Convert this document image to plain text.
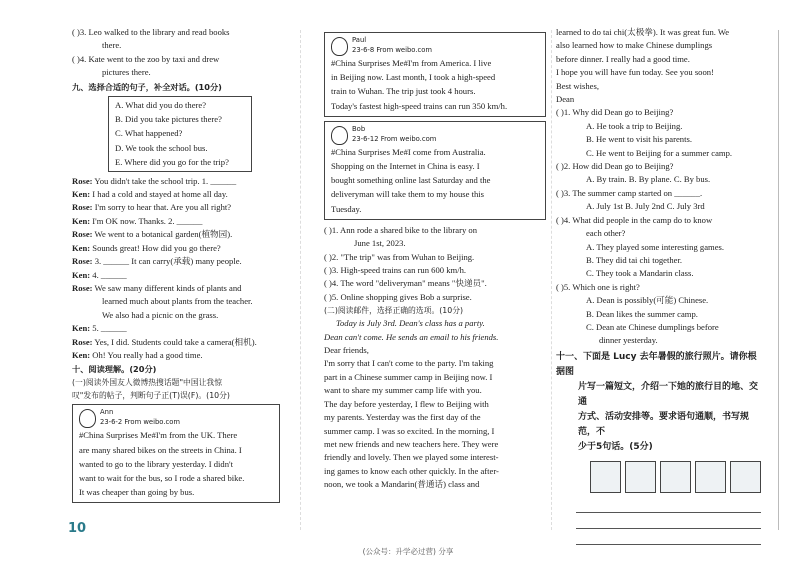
( )3. Leo walked to the library and read books
there.
( )4. Kate went to the zoo by taxi and drew
pictures there.
九、选择合适的句子，补全对话。(10分)
A. What did you do there?
B. Did you take pictures there?
C. What happened?
D. We took the school bus.
E. Where did you go for the trip?
Rose: You didn't take the school trip. 1. ______
Ken: I had a cold and stayed at home all day.
Rose: I'm sorry to hear that. Are you all right?
Ken: I'm OK now. Thanks. 2. ______
Rose: We went to a botanical garden(植物园).
Ken: Sounds great! How did you go there?
Rose: 3. ______ It can carry(承载) many people.
Ken: 4. ______
Rose: We saw many different kinds of plants and
learned much about plants from the teacher.
We also had a picnic on the grass.
Ken: 5. ______
Rose: Yes, I did. Students could take a camera(相机).
Ken: Oh! You really had a good time.
十、阅读理解。(20分)
(一)阅读外国友人微博热搜话题"中国让我惊
叹"发布的帖子，判断句子正(T)误(F)。(10分)
Ann
23-6-2 From weibo.com
#China Surprises Me#I'm from the UK. There
are many shared bikes on the streets in China. I
wanted to go to the library yesterday. I didn't
want to wait for the bus, so I rode a shared bike.
It was cheaper than going by bus.
Paul
23-6-8 From weibo.com
#China Surprises Me#I'm from America. I live
in Beijing now. Last month, I took a high-speed
train to Wuhan. The trip just took 4 hours.
Today's fastest high-speed trains can run 350 km/h.
Bob
23-6-12 From weibo.com
#China Surprises Me#I come from Australia.
Shopping on the Internet in China is easy. I
bought something online last Saturday and the
deliveryman will take them to my house this
Tuesday.
( )1. Ann rode a shared bike to the library on
June 1st, 2023.
( )2. "The trip" was from Wuhan to Beijing.
( )3. High-speed trains can run 600 km/h.
( )4. The word "deliveryman" means "快递员".
( )5. Online shopping gives Bob a surprise.
(二)阅读邮件，选择正确的选项。(10分)
Today is July 3rd. Dean's class has a party.
Dean can't come. He sends an email to his friends.
Dear friends,
I'm sorry that I can't come to the party. I'm taking
part in a Chinese summer camp in Beijing now. I
want to share my summer camp life with you.
The day before yesterday, I flew to Beijing with
my parents. Yesterday was the first day of the
summer camp. I was so excited. In the morning, I
met new friends and new teachers here. They were
friendly and lovely. Then we played some interest-
ing games to know each other quickly. In the after-
noon, we took a Mandarin(普通话) class and
learned to do tai chi(太极拳). It was great fun. We
also learned how to make Chinese dumplings
before dinner. I really had a good time.
I hope you will have fun today. See you soon!
Best wishes,
Dean
( )1. Why did Dean go to Beijing?
A. He took a trip to Beijing.
B. He went to visit his parents.
C. He went to Beijing for a summer camp.
( )2. How did Dean go to Beijing?
A. By train. B. By plane. C. By bus.
( )3. The summer camp started on ______.
A. July 1st B. July 2nd C. July 3rd
( )4. What did people in the camp do to know
each other?
A. They played some interesting games.
B. They did tai chi together.
C. They took a Mandarin class.
( )5. Which one is right?
A. Dean is possibly(可能) Chinese.
B. Dean likes the summer camp.
C. Dean ate Chinese dumplings before
dinner yesterday.
十一、下面是 Lucy 去年暑假的旅行照片。请你根据图
片写一篇短文，介绍一下她的旅行目的地、交通
方式、活动安排等。要求语句通顺，书写规范，不
少于5句话。(5分)
10
(公众号：升学必过营) 分享
